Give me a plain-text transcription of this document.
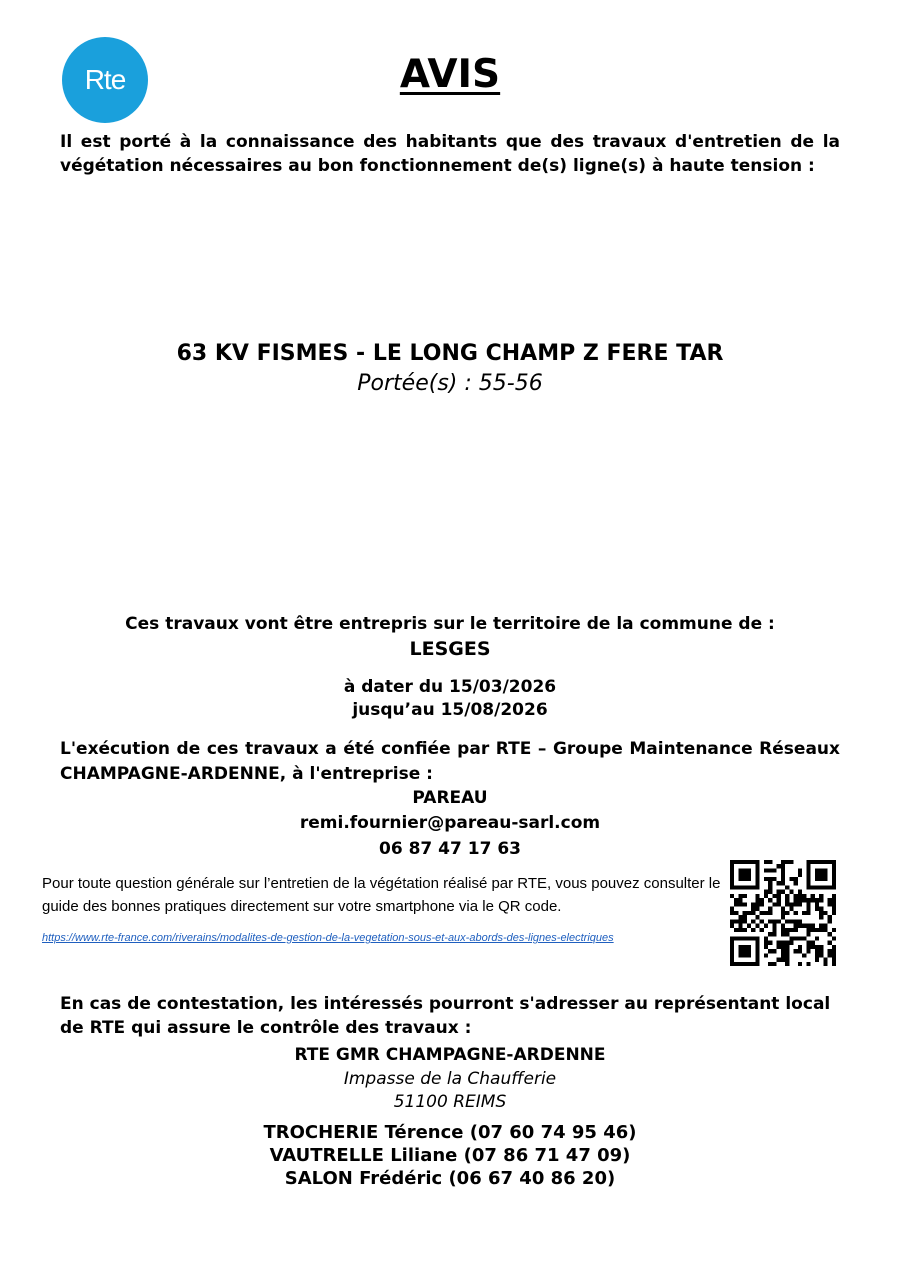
Rte	AVIS
Il est porté à la connaissance des habitants que des travaux d'entretien de la végétation nécessaires au bon fonctionnement de(s) ligne(s) à haute tension :
63 KV FISMES - LE LONG CHAMP Z FERE TAR
Portée(s) : 55-56
Ces travaux vont être entrepris sur le territoire de la commune de :
LESGES
à dater du 15/03/2026
jusqu’au 15/08/2026
L'exécution de ces travaux a été confiée par RTE – Groupe Maintenance Réseaux CHAMPAGNE-ARDENNE, à l'entreprise :
PAREAU
remi.fournier@pareau-sarl.com
06 87 47 17 63
Pour toute question générale sur l’entretien de la végétation réalisé par RTE, vous pouvez consulter le guide des bonnes pratiques directement sur votre smartphone via le QR code.
https://www.rte-france.com/riverains/modalites-de-gestion-de-la-vegetation-sous-et-aux-abords-des-lignes-electriques
En cas de contestation, les intéressés pourront s'adresser au représentant local de RTE qui assure le contrôle des travaux :
RTE GMR CHAMPAGNE-ARDENNE
Impasse de la Chaufferie
51100 REIMS
TROCHERIE Térence (07 60 74 95 46)
VAUTRELLE Liliane (07 86 71 47 09)
SALON Frédéric (06 67 40 86 20)
